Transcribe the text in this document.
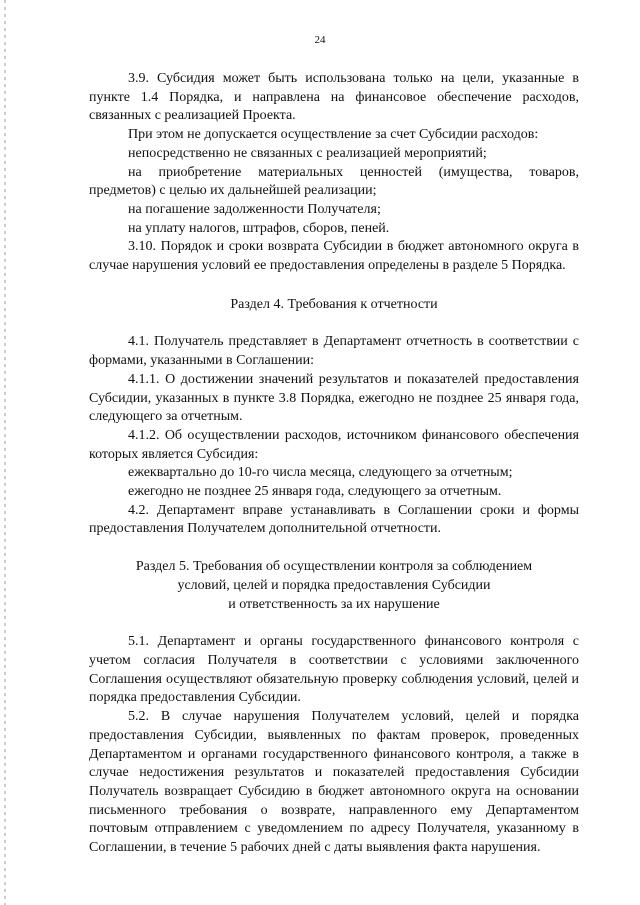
24

3.9. Субсидия может быть использована только на цели, указанные в пункте 1.4 Порядка, и направлена на финансовое обеспечение расходов, связанных с реализацией Проекта.

При этом не допускается осуществление за счет Субсидии расходов:

непосредственно не связанных с реализацией мероприятий;

на приобретение материальных ценностей (имущества, товаров, предметов) с целью их дальнейшей реализации;

на погашение задолженности Получателя;

на уплату налогов, штрафов, сборов, пеней.

3.10. Порядок и сроки возврата Субсидии в бюджет автономного округа в случае нарушения условий ее предоставления определены в разделе 5 Порядка.

Раздел 4. Требования к отчетности

4.1. Получатель представляет в Департамент отчетность в соответствии с формами, указанными в Соглашении:

4.1.1. О достижении значений результатов и показателей предоставления Субсидии, указанных в пункте 3.8 Порядка, ежегодно не позднее 25 января года, следующего за отчетным.

4.1.2. Об осуществлении расходов, источником финансового обеспечения которых является Субсидия:

ежеквартально до 10-го числа месяца, следующего за отчетным;

ежегодно не позднее 25 января года, следующего за отчетным.

4.2. Департамент вправе устанавливать в Соглашении сроки и формы предоставления Получателем дополнительной отчетности.

Раздел 5. Требования об осуществлении контроля за соблюдением
условий, целей и порядка предоставления Субсидии
и ответственность за их нарушение

5.1. Департамент и органы государственного финансового контроля с учетом согласия Получателя в соответствии с условиями заключенного Соглашения осуществляют обязательную проверку соблюдения условий, целей и порядка предоставления Субсидии.

5.2. В случае нарушения Получателем условий, целей и порядка предоставления Субсидии, выявленных по фактам проверок, проведенных Департаментом и органами государственного финансового контроля, а также в случае недостижения результатов и показателей предоставления Субсидии Получатель возвращает Субсидию в бюджет автономного округа на основании письменного требования о возврате, направленного ему Департаментом почтовым отправлением с уведомлением по адресу Получателя, указанному в Соглашении, в течение 5 рабочих дней с даты выявления факта нарушения.
